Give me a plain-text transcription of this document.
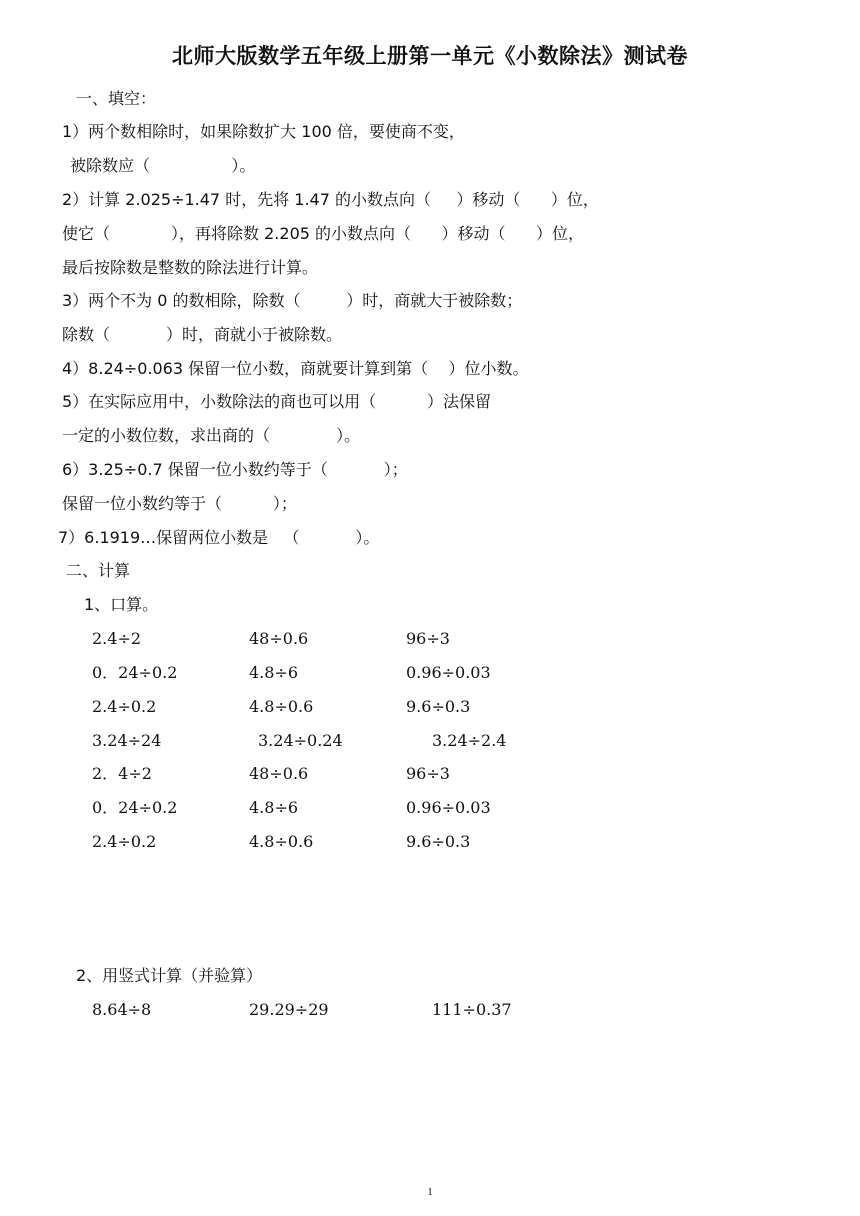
北师大版数学五年级上册第一单元《小数除法》测试卷
一、填空：
1）两个数相除时，如果除数扩大 100 倍，要使商不变，
被除数应（                ）。
2）计算 2.025÷1.47 时，先将 1.47 的小数点向（     ）移动（      ）位，
使它（            ），再将除数 2.205 的小数点向（      ）移动（      ）位，
最后按除数是整数的除法进行计算。
3）两个不为 0 的数相除，除数（         ）时，商就大于被除数；
除数（           ）时，商就小于被除数。
4）8.24÷0.063 保留一位小数，商就要计算到第（    ）位小数。
5）在实际应用中，小数除法的商也可以用（          ）法保留
一定的小数位数，求出商的（             ）。
6）3.25÷0.7 保留一位小数约等于（           ）；
保留一位小数约等于（          ）；
7）6.1919…保留两位小数是   （           ）。
二、计算
1、口算。
2.4÷2	48÷0.6	96÷3
0．24÷0.2	4.8÷6	0.96÷0.03
2.4÷0.2	4.8÷0.6	9.6÷0.3
3.24÷24	3.24÷0.24	3.24÷2.4
2．4÷2	48÷0.6	96÷3
0．24÷0.2	4.8÷6	0.96÷0.03
2.4÷0.2	4.8÷0.6	9.6÷0.3
2、用竖式计算（并验算）
8.64÷8	29.29÷29	111÷0.37
1
